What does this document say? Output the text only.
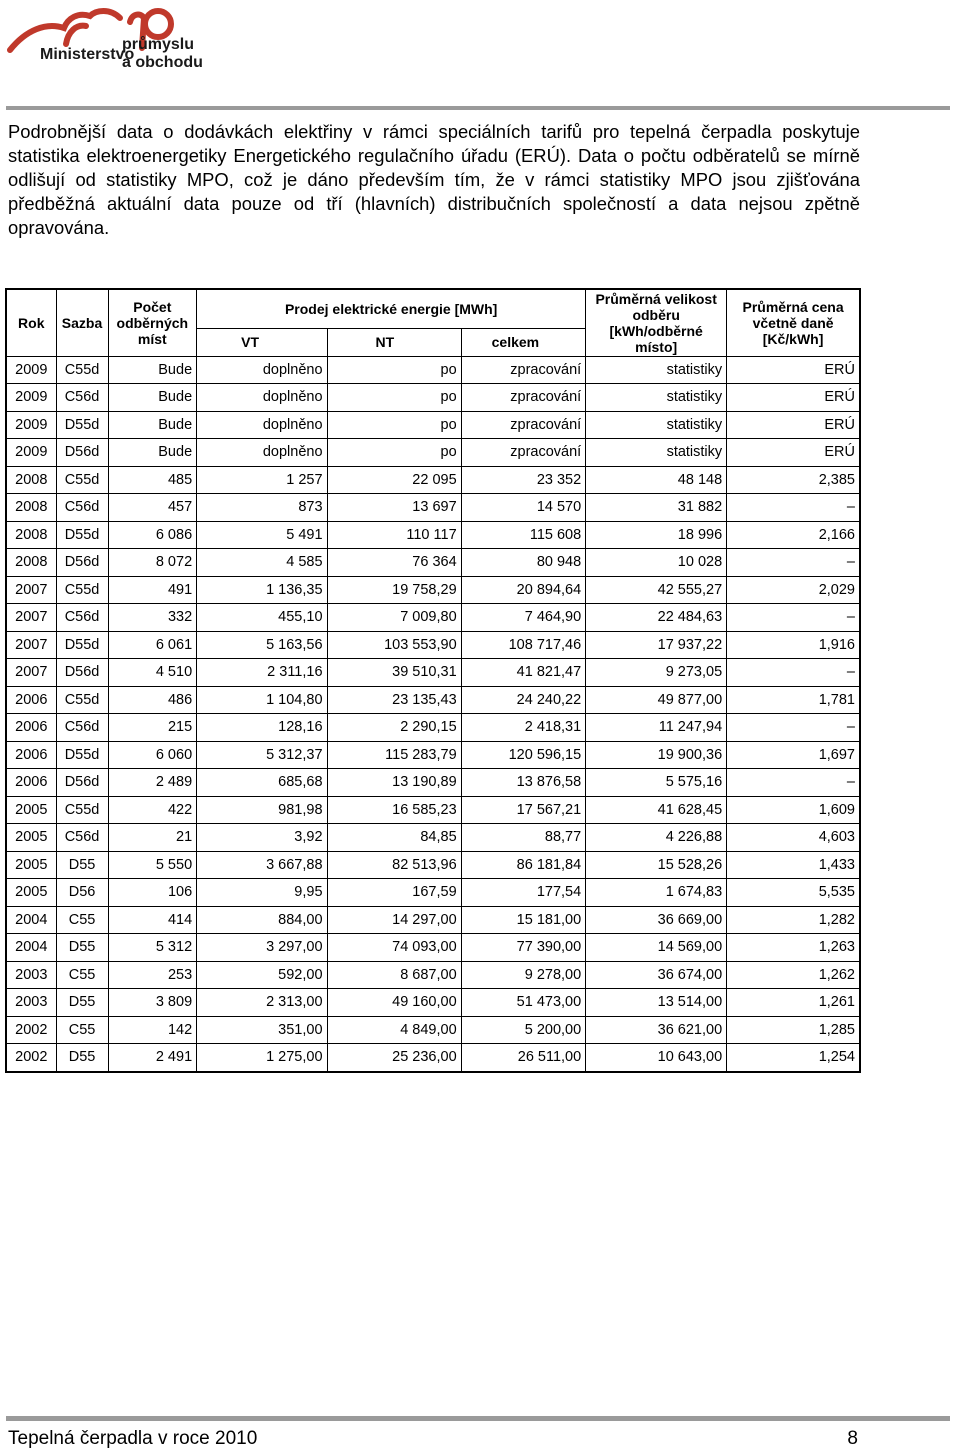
Ministerstvo
průmyslu
a obchodu

Podrobnější data o dodávkách elektřiny v rámci speciálních tarifů pro tepelná čerpadla poskytuje statistika elektroenergetiky Energetického regulačního úřadu (ERÚ). Data o počtu odběratelů se mírně odlišují od statistiky MPO, což je dáno především tím, že v rámci statistiky MPO jsou zjišťována předběžná aktuální data pouze od tří (hlavních) distribučních společností a data nejsou zpětně opravována.

Rok	Sazba	Počet odběrných míst	Prodej elektrické energie [MWh]			Průměrná velikost odběru [kWh/odběrné místo]	Průměrná cena včetně daně [Kč/kWh]
			VT	NT	celkem		
2009	C55d	Bude	doplněno	po	zpracování	statistiky	ERÚ
2009	C56d	Bude	doplněno	po	zpracování	statistiky	ERÚ
2009	D55d	Bude	doplněno	po	zpracování	statistiky	ERÚ
2009	D56d	Bude	doplněno	po	zpracování	statistiky	ERÚ
2008	C55d	485	1 257	22 095	23 352	48 148	2,385
2008	C56d	457	873	13 697	14 570	31 882	–
2008	D55d	6 086	5 491	110 117	115 608	18 996	2,166
2008	D56d	8 072	4 585	76 364	80 948	10 028	–
2007	C55d	491	1 136,35	19 758,29	20 894,64	42 555,27	2,029
2007	C56d	332	455,10	7 009,80	7 464,90	22 484,63	–
2007	D55d	6 061	5 163,56	103 553,90	108 717,46	17 937,22	1,916
2007	D56d	4 510	2 311,16	39 510,31	41 821,47	9 273,05	–
2006	C55d	486	1 104,80	23 135,43	24 240,22	49 877,00	1,781
2006	C56d	215	128,16	2 290,15	2 418,31	11 247,94	–
2006	D55d	6 060	5 312,37	115 283,79	120 596,15	19 900,36	1,697
2006	D56d	2 489	685,68	13 190,89	13 876,58	5 575,16	–
2005	C55d	422	981,98	16 585,23	17 567,21	41 628,45	1,609
2005	C56d	21	3,92	84,85	88,77	4 226,88	4,603
2005	D55	5 550	3 667,88	82 513,96	86 181,84	15 528,26	1,433
2005	D56	106	9,95	167,59	177,54	1 674,83	5,535
2004	C55	414	884,00	14 297,00	15 181,00	36 669,00	1,282
2004	D55	5 312	3 297,00	74 093,00	77 390,00	14 569,00	1,263
2003	C55	253	592,00	8 687,00	9 278,00	36 674,00	1,262
2003	D55	3 809	2 313,00	49 160,00	51 473,00	13 514,00	1,261
2002	C55	142	351,00	4 849,00	5 200,00	36 621,00	1,285
2002	D55	2 491	1 275,00	25 236,00	26 511,00	10 643,00	1,254
Tepelná čerpadla v roce 2010	8
